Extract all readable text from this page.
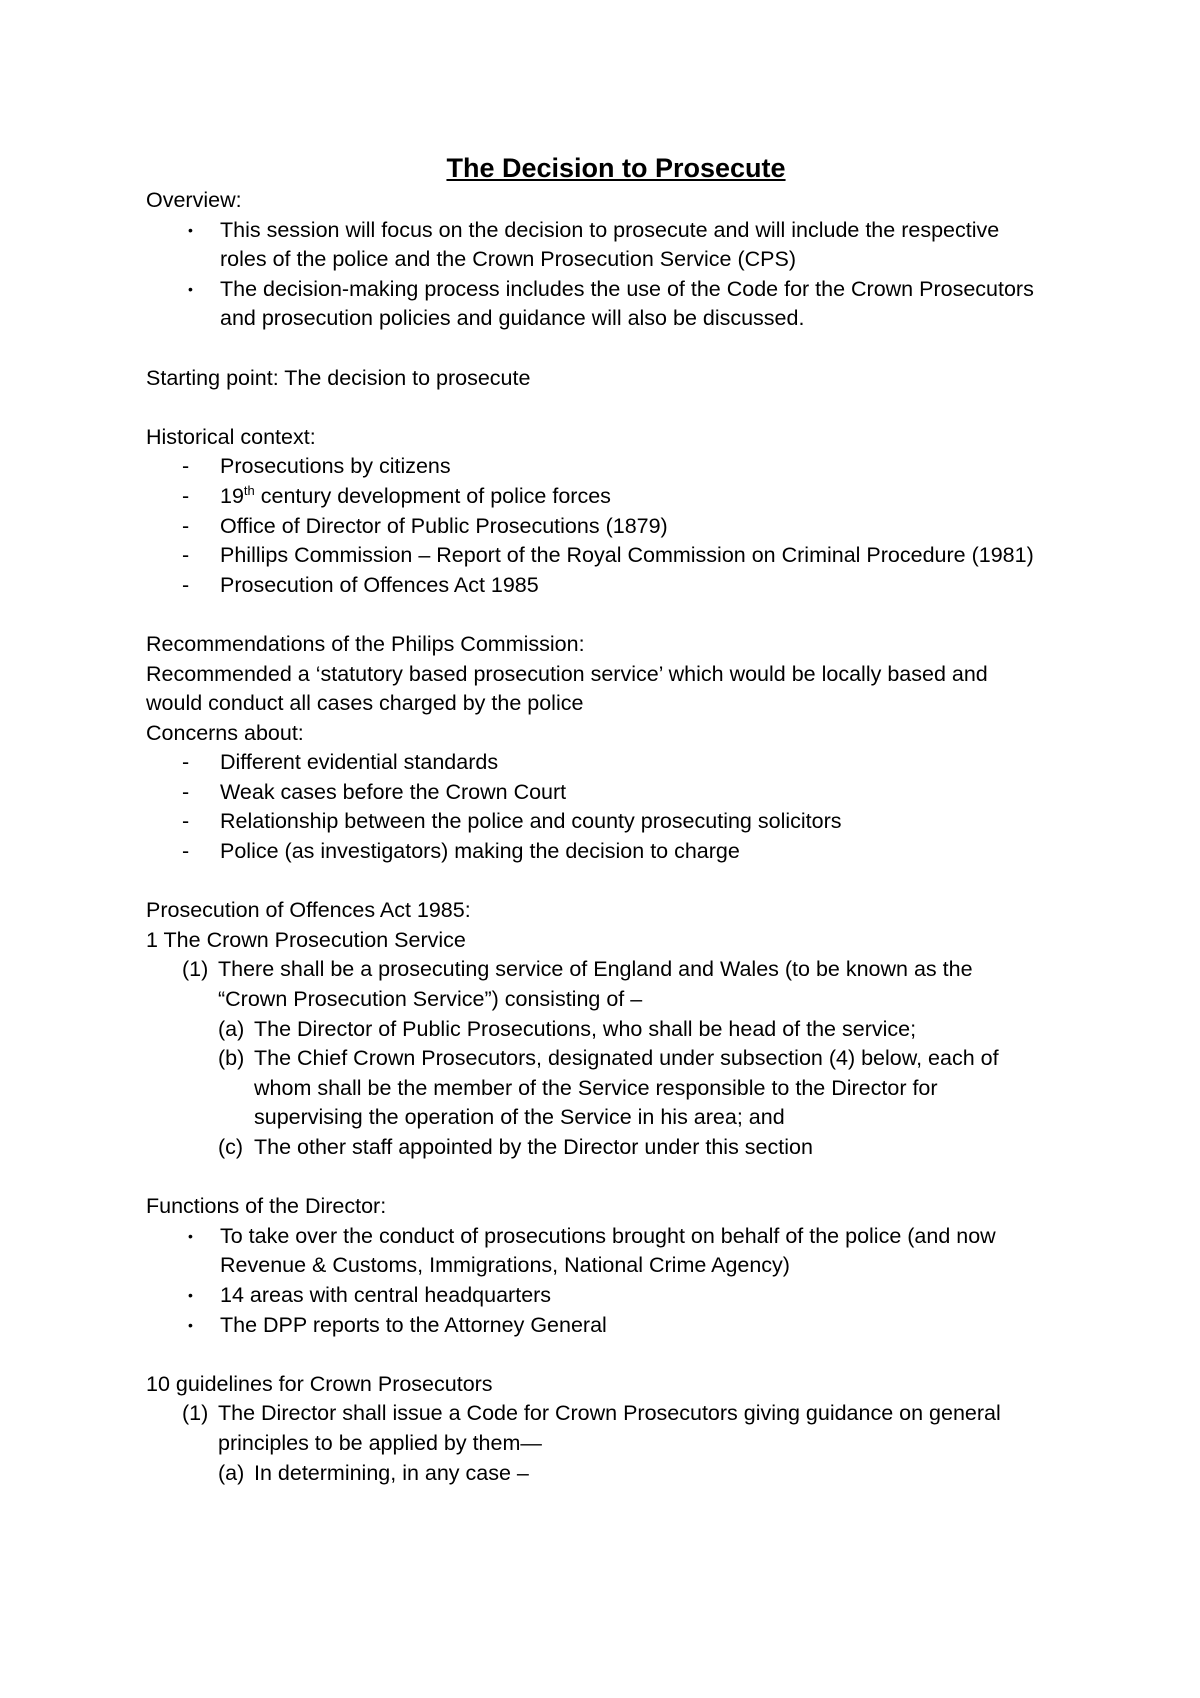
The Decision to Prosecute
Overview:
• This session will focus on the decision to prosecute and will include the respective
roles of the police and the Crown Prosecution Service (CPS)
• The decision-making process includes the use of the Code for the Crown Prosecutors
and prosecution policies and guidance will also be discussed.
Starting point: The decision to prosecute
Historical context:
- Prosecutions by citizens
- 19th century development of police forces
- Office of Director of Public Prosecutions (1879)
- Phillips Commission – Report of the Royal Commission on Criminal Procedure (1981)
- Prosecution of Offences Act 1985
Recommendations of the Philips Commission:
Recommended a ‘statutory based prosecution service’ which would be locally based and
would conduct all cases charged by the police
Concerns about:
- Different evidential standards
- Weak cases before the Crown Court
- Relationship between the police and county prosecuting solicitors
- Police (as investigators) making the decision to charge
Prosecution of Offences Act 1985:
1 The Crown Prosecution Service
(1) There shall be a prosecuting service of England and Wales (to be known as the
“Crown Prosecution Service”) consisting of –
(a) The Director of Public Prosecutions, who shall be head of the service;
(b) The Chief Crown Prosecutors, designated under subsection (4) below, each of
whom shall be the member of the Service responsible to the Director for
supervising the operation of the Service in his area; and
(c) The other staff appointed by the Director under this section
Functions of the Director:
• To take over the conduct of prosecutions brought on behalf of the police (and now
Revenue & Customs, Immigrations, National Crime Agency)
• 14 areas with central headquarters
• The DPP reports to the Attorney General
10 guidelines for Crown Prosecutors
(1) The Director shall issue a Code for Crown Prosecutors giving guidance on general
principles to be applied by them—
(a) In determining, in any case –
